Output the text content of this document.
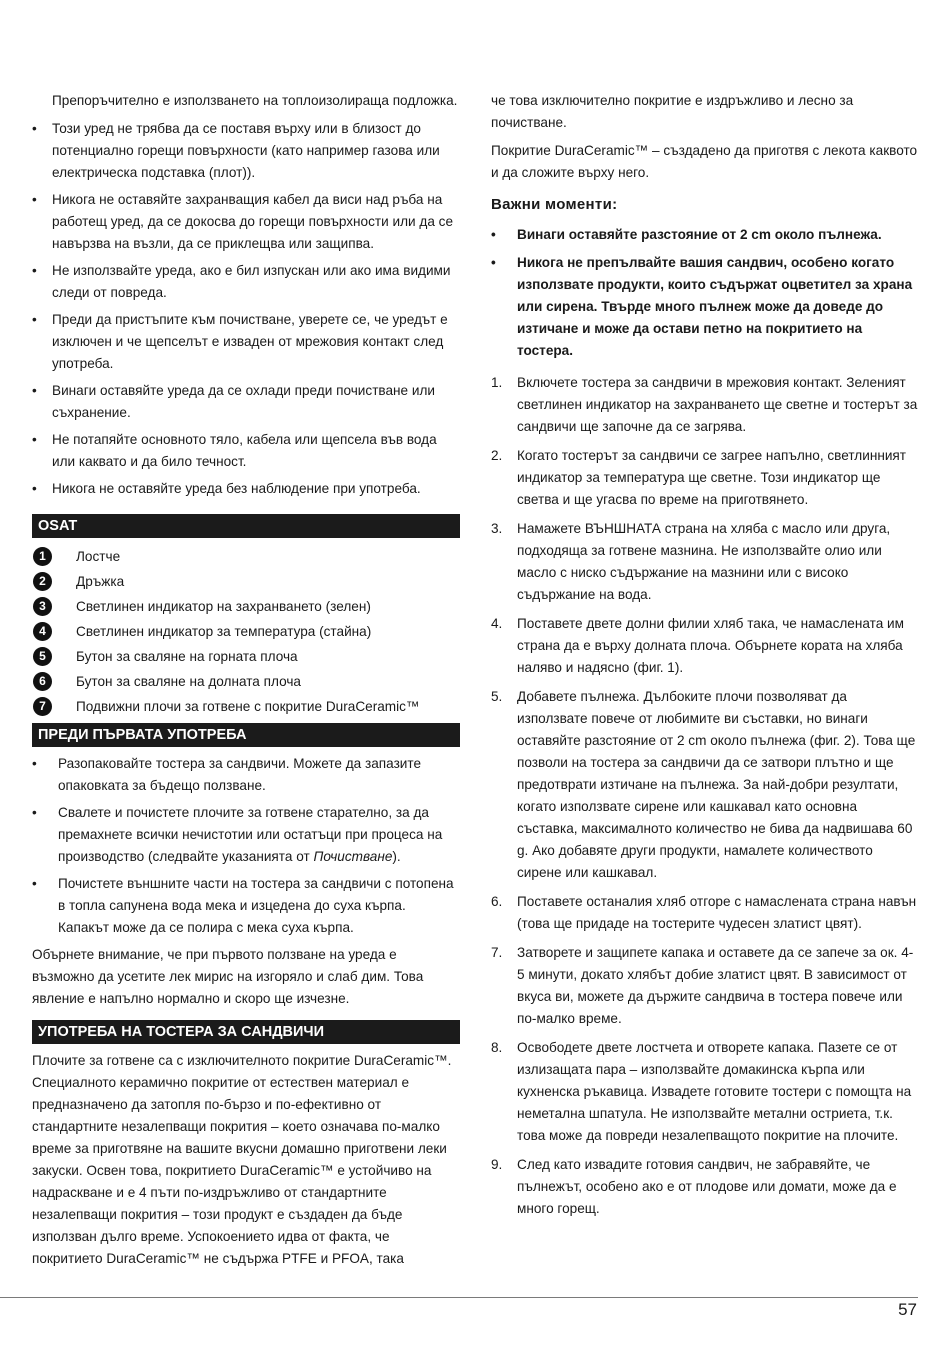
Препоръчително е използването на топлоизолираща подложка.

• Този уред не трябва да се поставя върху или в близост до потенциално горещи повърхности (като например газова или електрическа подставка (плот)).
• Никога не оставяйте захранващия кабел да виси над ръба на работещ уред, да се докосва до горещи повърхности или да се навързва на възли, да се приклещва или защипва.
• Не използвайте уреда, ако е бил изпускан или ако има видими следи от повреда.
• Преди да пристъпите към почистване, уверете се, че уредът е изключен и че щепселът е изваден от мрежовия контакт след употреба.
• Винаги оставяйте уреда да се охлади преди почистване или съхранение.
• Не потапяйте основното тяло, кабела или щепсела във вода или каквато и да било течност.
• Никога не оставяйте уреда без наблюдение при употреба.
OSAT
1	Лостче
2	Дръжка
3	Светлинен индикатор на захранването (зелен)
4	Светлинен индикатор за температура (стайна)
5	Бутон за сваляне на горната плоча
6	Бутон за сваляне на долната плоча
7	Подвижни плочи за готвене с покритие DuraCeramic™
ПРЕДИ ПЪРВАТА УПОТРЕБА
• Разопаковайте тостера за сандвичи. Можете да запазите опаковката за бъдещо ползване.
• Свалете и почистете плочите за готвене старателно, за да премахнете всички нечистотии или остатъци при процеса на производство (следвайте указанията от Почистване).
• Почистете външните части на тостера за сандвичи с потопена в топла сапунена вода мека и изцедена до суха кърпа. Капакът може да се полира с мека суха кърпа.

Обърнете внимание, че при първото ползване на уреда е възможно да усетите лек мирис на изгоряло и слаб дим. Това явление е напълно нормално и скоро ще изчезне.

УПОТРЕБА НА ТОСТЕРА ЗА САНДВИЧИ

Плочите за готвене са с изключителното покритие DuraCeramic™. Специалното керамично покритие от естествен материал е предназначено да затопля по-бързо и по-ефективно от стандартните незалепващи покрития – което означава по-малко време за приготвяне на вашите вкусни домашно приготвени леки закуски. Освен това, покритието DuraCeramic™ е устойчиво на надраскване и е 4 пъти по-издръжливо от стандартните незалепващи покрития – този продукт е създаден да бъде използван дълго време. Успокоението идва от факта, че покритието DuraCeramic™ не съдържа PTFE и PFOA, така

че това изключително покритие е издръжливо и лесно за почистване.

Покритие DuraCeramic™ – създадено да приготвя с лекота каквото и да сложите върху него.

Важни моменти:
• Винаги оставяйте разстояние от 2 cm около пълнежа.
• Никога не препълвайте вашия сандвич, особено когато използвате продукти, които съдържат оцветител за храна или сирена. Твърде много пълнеж може да доведе до изтичане и може да остави петно на покритието на тостера.
1. Включете тостера за сандвичи в мрежовия контакт. Зеленият светлинен индикатор на захранването ще светне и тостерът за сандвичи ще започне да се загрява.
2. Когато тостерът за сандвичи се загрее напълно, светлинният индикатор за температура ще светне. Този индикатор ще светва и ще угасва по време на приготвянето.
3. Намажете ВЪНШНАТА страна на хляба с масло или друга, подходяща за готвене мазнина. Не използвайте олио или масло с ниско съдържание на мазнини или с високо съдържание на вода.
4. Поставете двете долни филии хляб така, че намаслената им страна да е върху долната плоча. Обърнете кората на хляба наляво и надясно (фиг. 1).
5. Добавете пълнежа. Дълбоките плочи позволяват да използвате повече от любимите ви съставки, но винаги оставяйте разстояние от 2 cm около пълнежа (фиг. 2). Това ще позволи на тостера за сандвичи да се затвори плътно и ще предотврати изтичане на пълнежа. За най-добри резултати, когато използвате сирене или кашкавал като основна съставка, максималното количество не бива да надвишава 60 g. Ако добавяте други продукти, намалете количеството сирене или кашкавал.
6. Поставете останалия хляб отгоре с намаслената страна навън (това ще придаде на тостерите чудесен златист цвят).
7. Затворете и защипете капака и оставете да се запече за ок. 4-5 минути, докато хлябът добие златист цвят. В зависимост от вкуса ви, можете да държите сандвича в тостера повече или по-малко време.
8. Освободете двете лостчета и отворете капака. Пазете се от излизащата пара – използвайте домакинска кърпа или кухненска ръкавица. Извадете готовите тостери с помощта на неметална шпатула. Не използвайте метални остриета, т.к. това може да повреди незалепващото покритие на плочите.
9. След като извадите готовия сандвич, не забравяйте, че пълнежът, особено ако е от плодове или домати, може да е много горещ.
57
